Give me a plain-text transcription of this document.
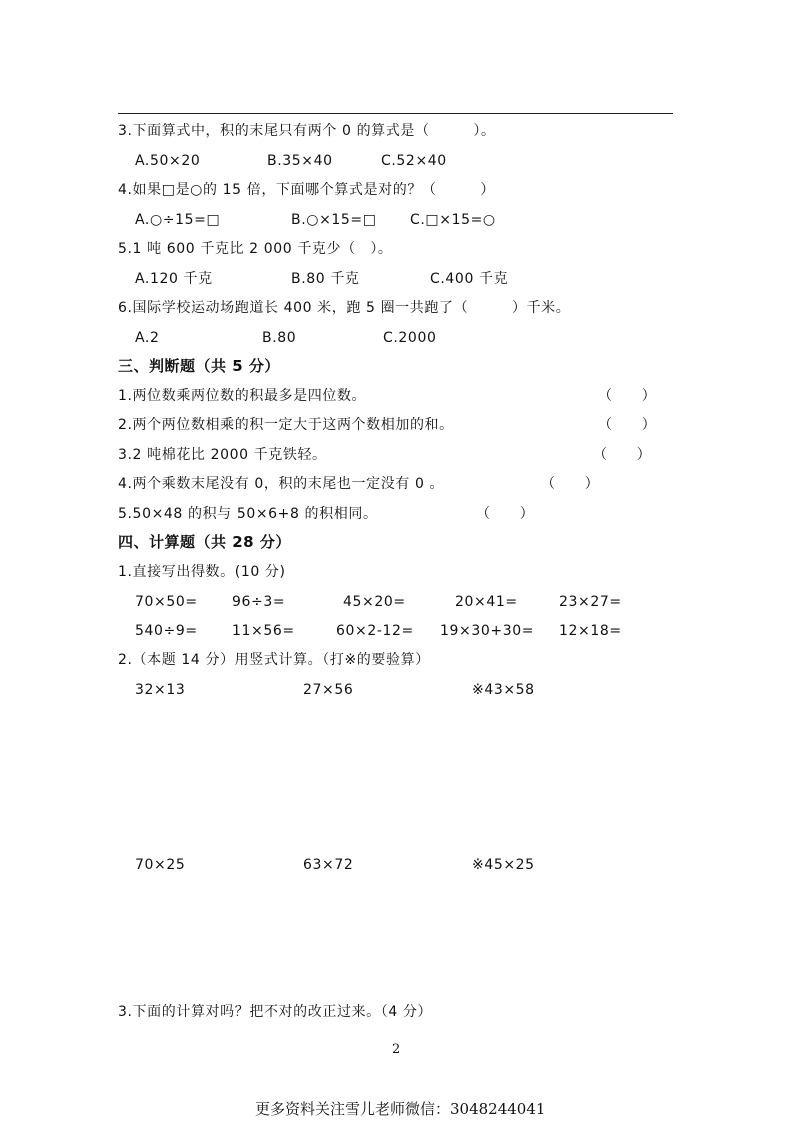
3.下面算式中，积的末尾只有两个 0 的算式是（　　　）。
A.50×20	B.35×40	C.52×40
4.如果□是○的 15 倍，下面哪个算式是对的？（　　　）
A.○÷15=□	B.○×15=□ C.□×15=○
5.1 吨 600 千克比 2 000 千克少（　）。
A.120 千克	B.80 千克	C.400 千克
6.国际学校运动场跑道长 400 米，跑 5 圈一共跑了（　　　）千米。
A.2	B.80	C.2000
三、判断题（共 5 分）
1.两位数乘两位数的积最多是四位数。	（　　）
2.两个两位数相乘的积一定大于这两个数相加的和。	（　　）
3.2 吨棉花比 2000 千克铁轻。	（　　）
4.两个乘数末尾没有 0，积的末尾也一定没有 0 。	（　　）
5.50×48 的积与 50×6+8 的积相同。	（　　）
四、计算题（共 28 分）
1.直接写出得数。(10 分)
70×50= 96÷3=	45×20=	20×41=	23×27=
540÷9= 11×56=	60×2-12= 19×30+30= 12×18=
2.（本题 14 分）用竖式计算。（打※的要验算）
32×13	27×56	※43×58
70×25	63×72	※45×25
3.下面的计算对吗？把不对的改正过来。（4 分）
2
更多资料关注雪儿老师微信：3048244041
